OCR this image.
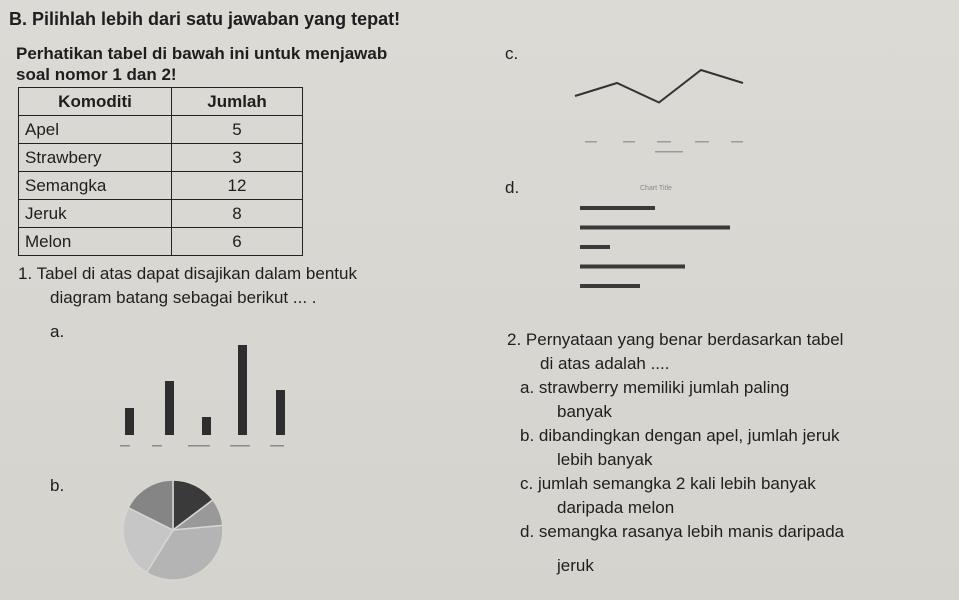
B. Pilihlah lebih dari satu jawaban yang tepat!
Perhatikan tabel di bawah ini untuk menjawab
soal nomor 1 dan 2!
Komoditi	Jumlah
Apel	5
Strawbery	3
Semangka	12
Jeruk	8
Melon	6
1. Tabel di atas dapat disajikan dalam bentuk
diagram batang sebagai berikut ... .
a.
b.
c.
d.	Chart Title
2. Pernyataan yang benar berdasarkan tabel
di atas adalah ....
a. strawberry memiliki jumlah paling
banyak
b. dibandingkan dengan apel, jumlah jeruk
lebih banyak
c. jumlah semangka 2 kali lebih banyak
daripada melon
d. semangka rasanya lebih manis daripada
jeruk
